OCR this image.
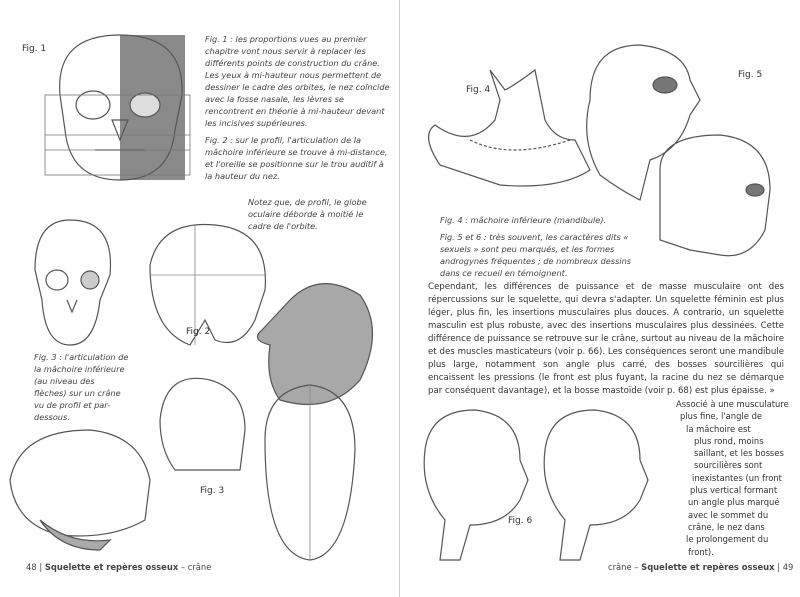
Fig. 1
Fig. 2
Fig. 3

Fig. 1 : les proportions vues au premier chapitre vont nous servir à replacer les différents points de construction du crâne. Les yeux à mi-hauteur nous permettent de dessiner le cadre des orbites, le nez coïncide avec la fosse nasale, les lèvres se rencontrent en théorie à mi-hauteur devant les incisives supérieures.

Fig. 2 : sur le profil, l'articulation de la mâchoire inférieure se trouve à mi-distance, et l'oreille se positionne sur le trou auditif à la hauteur du nez.

Notez que, de profil, le globe oculaire déborde à moitié le cadre de l'orbite.
Fig. 3 : l'articulation de la mâchoire inférieure (au niveau des flèches) sur un crâne vu de profil et par-dessous.
48 | Squelette et repères osseux – crâne
Fig. 4
Fig. 5
Fig. 6

Fig. 4 : mâchoire inférieure (mandibule).

Fig. 5 et 6 : très souvent, les caractères dits « sexuels » sont peu marqués, et les formes androgynes fréquentes ; de nombreux dessins dans ce recueil en témoignent.

Cependant, les différences de puissance et de masse musculaire ont des répercussions sur le squelette, qui devra s'adapter. Un squelette féminin est plus léger, plus fin, les insertions musculaires plus douces. A contrario, un squelette masculin est plus robuste, avec des insertions musculaires plus dessinées. Cette différence de puissance se retrouve sur le crâne, surtout au niveau de la mâchoire et des muscles masticateurs (voir p. 66). Les conséquences seront une mandibule plus large, notamment son angle plus carré, des bosses sourcilières qui encaissent les pressions (le front est plus fuyant, la racine du nez se démarque par conséquent davantage), et la bosse mastoïde (voir p. 68) est plus épaisse. »
Associé à une musculature
plus fine, l'angle de
la mâchoire est
plus rond, moins
saillant, et les bosses
sourcilières sont
inexistantes (un front
plus vertical formant
un angle plus marqué
avec le sommet du
crâne, le nez dans
le prolongement du
front).
crâne – Squelette et repères osseux | 49
